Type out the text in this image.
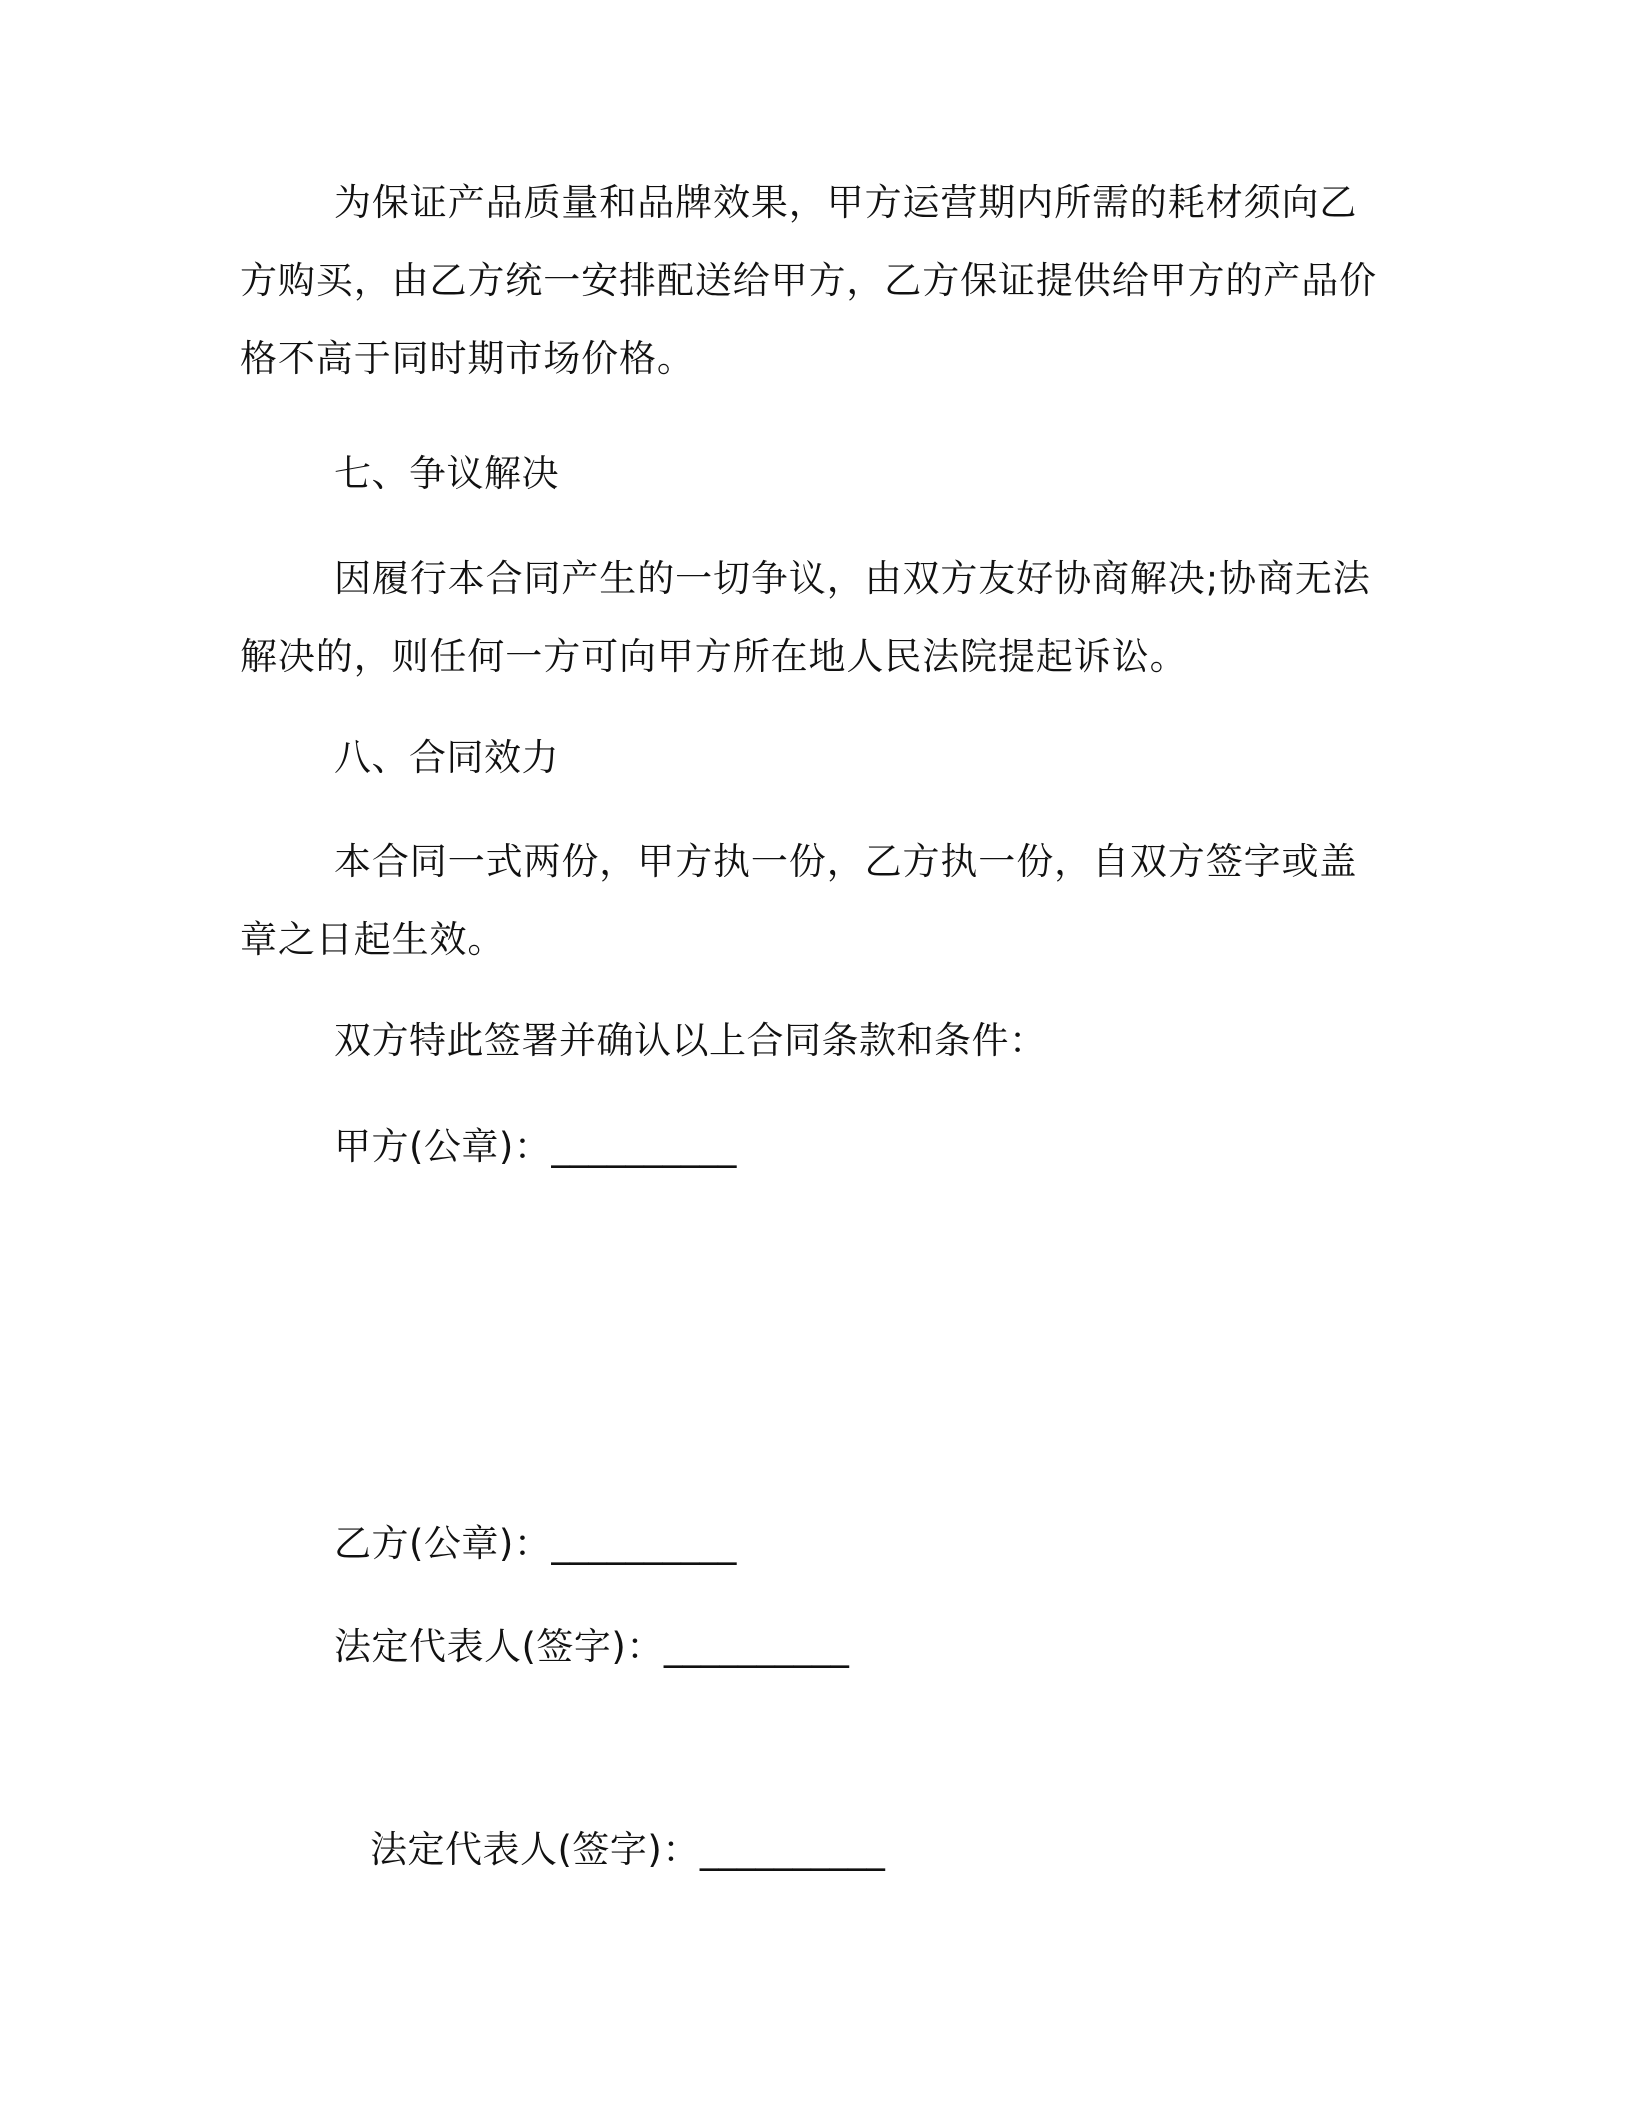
为保证产品质量和品牌效果，甲方运营期内所需的耗材须向乙方购买，由乙方统一安排配送给甲方，乙方保证提供给甲方的产品价格不高于同时期市场价格。

七、争议解决

因履行本合同产生的一切争议，由双方友好协商解决;协商无法解决的，则任何一方可向甲方所在地人民法院提起诉讼。

八、合同效力

本合同一式两份，甲方执一份，乙方执一份，自双方签字或盖章之日起生效。

双方特此签署并确认以上合同条款和条件：
甲方(公章)：__________
乙方(公章)：__________
法定代表人(签字)：__________
法定代表人(签字)：__________
